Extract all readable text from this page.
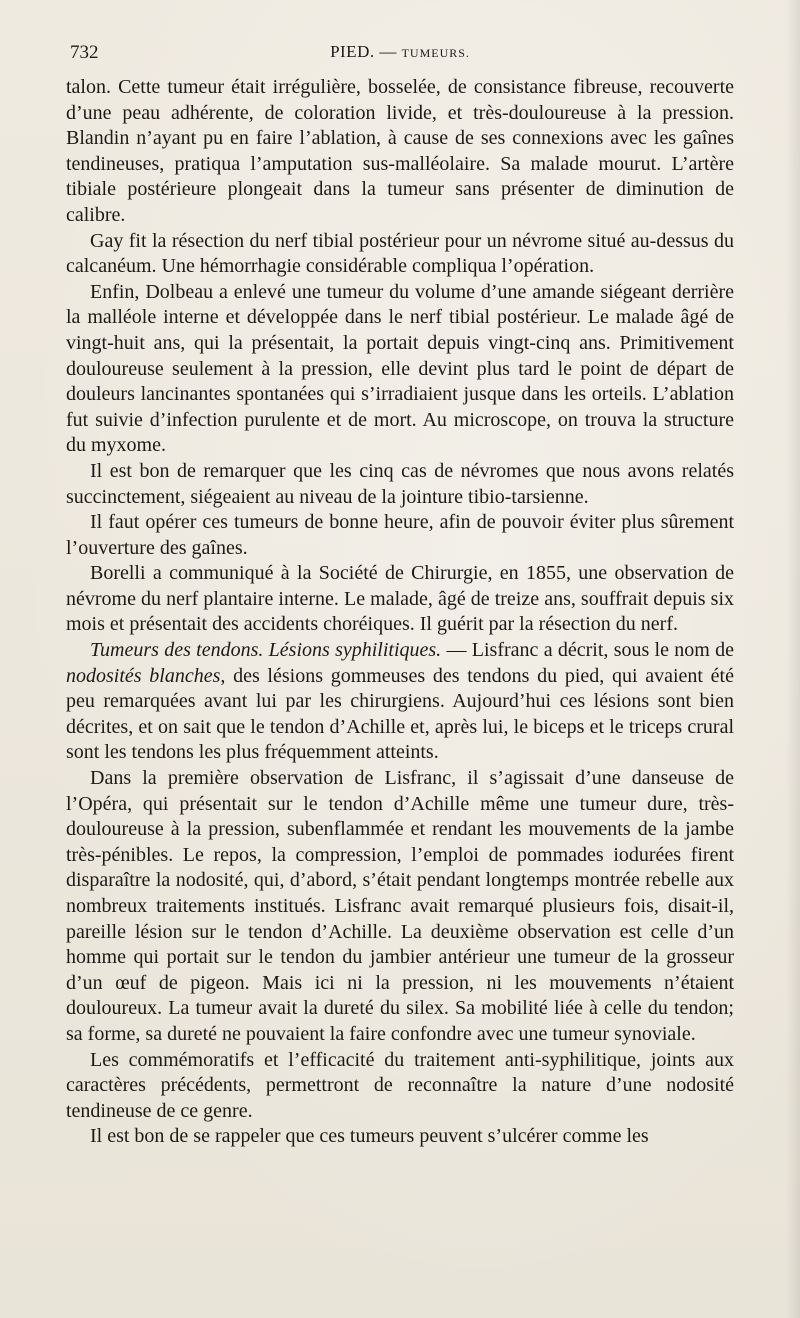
732	PIED. — TUMEURS.

talon. Cette tumeur était irrégulière, bosselée, de consistance fibreuse, recouverte d’une peau adhérente, de coloration livide, et très-douloureuse à la pression. Blandin n’ayant pu en faire l’ablation, à cause de ses connexions avec les gaînes tendineuses, pratiqua l’amputation sus-malléolaire. Sa malade mourut. L’artère tibiale postérieure plongeait dans la tumeur sans présenter de diminution de calibre.

Gay fit la résection du nerf tibial postérieur pour un névrome situé au-dessus du calcanéum. Une hémorrhagie considérable compliqua l’opération.

Enfin, Dolbeau a enlevé une tumeur du volume d’une amande siégeant derrière la malléole interne et développée dans le nerf tibial postérieur. Le malade âgé de vingt-huit ans, qui la présentait, la portait depuis vingt-cinq ans. Primitivement douloureuse seulement à la pression, elle devint plus tard le point de départ de douleurs lancinantes spontanées qui s’irradiaient jusque dans les orteils. L’ablation fut suivie d’infection purulente et de mort. Au microscope, on trouva la structure du myxome.

Il est bon de remarquer que les cinq cas de névromes que nous avons relatés succinctement, siégeaient au niveau de la jointure tibio-tarsienne.

Il faut opérer ces tumeurs de bonne heure, afin de pouvoir éviter plus sûrement l’ouverture des gaînes.

Borelli a communiqué à la Société de Chirurgie, en 1855, une observation de névrome du nerf plantaire interne. Le malade, âgé de treize ans, souffrait depuis six mois et présentait des accidents choréiques. Il guérit par la résection du nerf.

Tumeurs des tendons. Lésions syphilitiques. — Lisfranc a décrit, sous le nom de nodosités blanches, des lésions gommeuses des tendons du pied, qui avaient été peu remarquées avant lui par les chirurgiens. Aujourd’hui ces lésions sont bien décrites, et on sait que le tendon d’Achille et, après lui, le biceps et le triceps crural sont les tendons les plus fréquemment atteints.

Dans la première observation de Lisfranc, il s’agissait d’une danseuse de l’Opéra, qui présentait sur le tendon d’Achille même une tumeur dure, très-douloureuse à la pression, subenflammée et rendant les mouvements de la jambe très-pénibles. Le repos, la compression, l’emploi de pommades iodurées firent disparaître la nodosité, qui, d’abord, s’était pendant longtemps montrée rebelle aux nombreux traitements institués. Lisfranc avait remarqué plusieurs fois, disait-il, pareille lésion sur le tendon d’Achille. La deuxième observation est celle d’un homme qui portait sur le tendon du jambier antérieur une tumeur de la grosseur d’un œuf de pigeon. Mais ici ni la pression, ni les mouvements n’étaient douloureux. La tumeur avait la dureté du silex. Sa mobilité liée à celle du tendon; sa forme, sa dureté ne pouvaient la faire confondre avec une tumeur synoviale.

Les commémoratifs et l’efficacité du traitement anti-syphilitique, joints aux caractères précédents, permettront de reconnaître la nature d’une nodosité tendineuse de ce genre.

Il est bon de se rappeler que ces tumeurs peuvent s’ulcérer comme les
